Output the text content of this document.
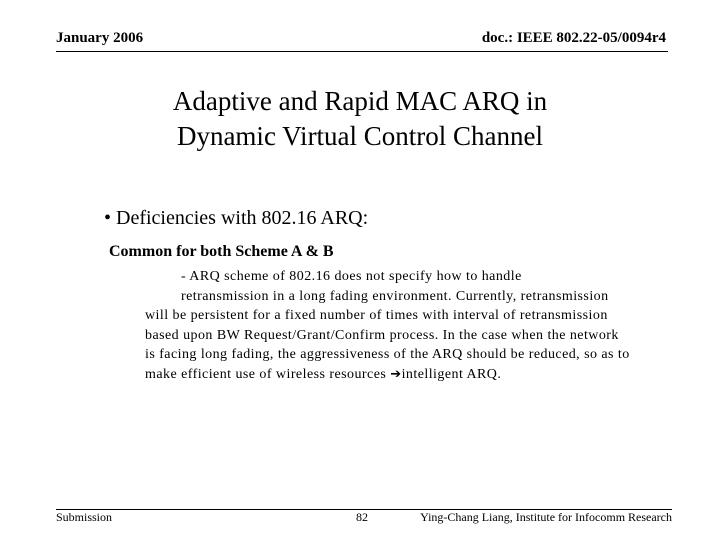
January 2006	doc.: IEEE 802.22-05/0094r4
Adaptive and Rapid MAC ARQ in
Dynamic Virtual Control Channel
• Deficiencies with 802.16 ARQ:
Common for both Scheme A & B
- ARQ scheme of 802.16 does not specify how to handle
retransmission in a long fading environment. Currently, retransmission
will be persistent for a fixed number of times with interval of retransmission
based upon BW Request/Grant/Confirm process. In the case when the network
is facing long fading, the aggressiveness of the ARQ should be reduced, so as to
make efficient use of wireless resources ➔intelligent ARQ.
Submission	82	Ying-Chang Liang, Institute for Infocomm Research
